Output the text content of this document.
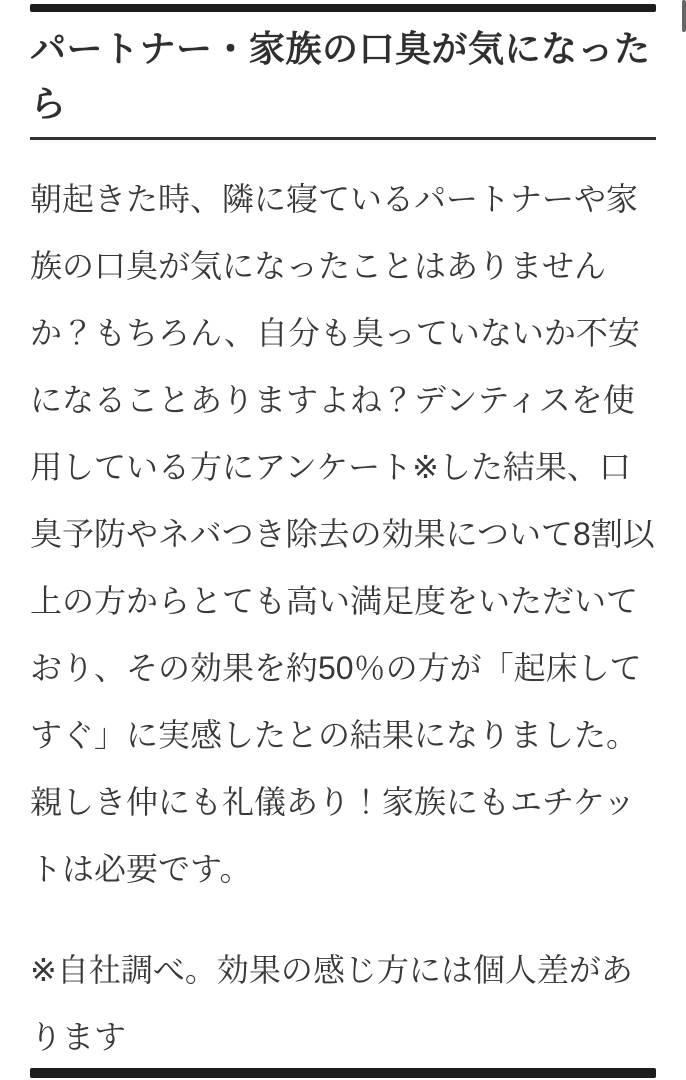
パートナー・家族の口臭が気になったら

朝起きた時、隣に寝ているパートナーや家族の口臭が気になったことはありませんか？もちろん、自分も臭っていないか不安になることありますよね？デンティスを使用している方にアンケート※した結果、口臭予防やネバつき除去の効果について8割以上の方からとても高い満足度をいただいており、その効果を約50％の方が「起床してすぐ」に実感したとの結果になりました。親しき仲にも礼儀あり！家族にもエチケットは必要です。

※自社調べ。効果の感じ方には個人差があります
